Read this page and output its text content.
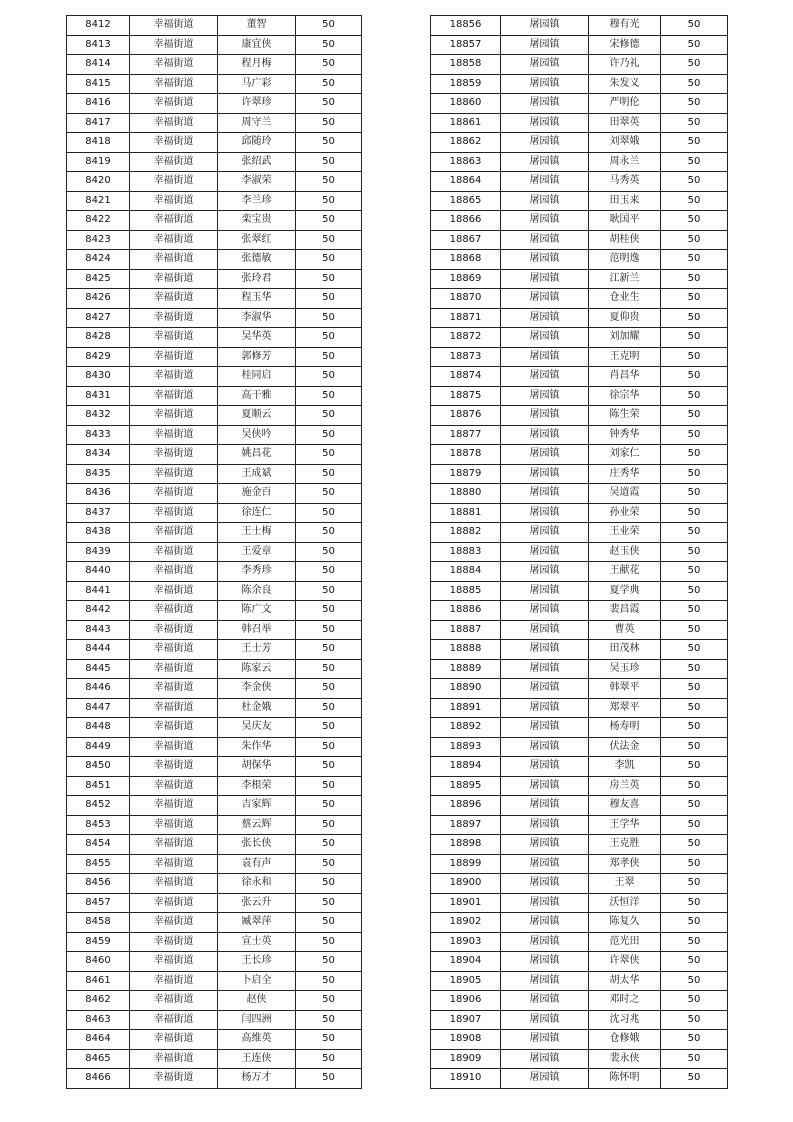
8412	幸福街道	董智	50
8413	幸福街道	康宜侠	50
8414	幸福街道	程月梅	50
8415	幸福街道	马广彩	50
8416	幸福街道	许翠珍	50
8417	幸福街道	周守兰	50
8418	幸福街道	邱随玲	50
8419	幸福街道	张绍武	50
8420	幸福街道	李淑荣	50
8421	幸福街道	李兰珍	50
8422	幸福街道	栾宝贵	50
8423	幸福街道	张翠红	50
8424	幸福街道	张德敏	50
8425	幸福街道	张玲君	50
8426	幸福街道	程玉华	50
8427	幸福街道	李淑华	50
8428	幸福街道	吴华英	50
8429	幸福街道	郭修芳	50
8430	幸福街道	桂同启	50
8431	幸福街道	高干雅	50
8432	幸福街道	夏顺云	50
8433	幸福街道	吴侠吟	50
8434	幸福街道	姚昌花	50
8435	幸福街道	王成斌	50
8436	幸福街道	施金百	50
8437	幸福街道	徐连仁	50
8438	幸福街道	王士梅	50
8439	幸福街道	王爱章	50
8440	幸福街道	李秀珍	50
8441	幸福街道	陈余良	50
8442	幸福街道	陈广文	50
8443	幸福街道	韩召举	50
8444	幸福街道	王士芳	50
8445	幸福街道	陈家云	50
8446	幸福街道	李金侠	50
8447	幸福街道	杜金娥	50
8448	幸福街道	吴庆友	50
8449	幸福街道	朱作华	50
8450	幸福街道	胡保华	50
8451	幸福街道	李根荣	50
8452	幸福街道	吉家辉	50
8453	幸福街道	蔡云辉	50
8454	幸福街道	张长侠	50
8455	幸福街道	袁有声	50
8456	幸福街道	徐永和	50
8457	幸福街道	张云升	50
8458	幸福街道	臧翠萍	50
8459	幸福街道	宣士英	50
8460	幸福街道	王长珍	50
8461	幸福街道	卜启全	50
8462	幸福街道	赵侠	50
8463	幸福街道	闫四洲	50
8464	幸福街道	高维英	50
8465	幸福街道	王连侠	50
8466	幸福街道	杨万才	50
18856	屠园镇	穆有光	50
18857	屠园镇	宋修德	50
18858	屠园镇	许乃礼	50
18859	屠园镇	朱发义	50
18860	屠园镇	严明伦	50
18861	屠园镇	田翠英	50
18862	屠园镇	刘翠娥	50
18863	屠园镇	周永兰	50
18864	屠园镇	马秀英	50
18865	屠园镇	田玉来	50
18866	屠园镇	耿国平	50
18867	屠园镇	胡桂侠	50
18868	屠园镇	范明逸	50
18869	屠园镇	江新兰	50
18870	屠园镇	仓业生	50
18871	屠园镇	夏仰贵	50
18872	屠园镇	刘加耀	50
18873	屠园镇	王克明	50
18874	屠园镇	肖昌华	50
18875	屠园镇	徐宗华	50
18876	屠园镇	陈生荣	50
18877	屠园镇	钟秀华	50
18878	屠园镇	刘家仁	50
18879	屠园镇	庄秀华	50
18880	屠园镇	吴道霞	50
18881	屠园镇	孙业荣	50
18882	屠园镇	王业荣	50
18883	屠园镇	赵玉侠	50
18884	屠园镇	王献花	50
18885	屠园镇	夏学典	50
18886	屠园镇	裴昌霞	50
18887	屠园镇	曹英	50
18888	屠园镇	田茂林	50
18889	屠园镇	吴玉珍	50
18890	屠园镇	韩翠平	50
18891	屠园镇	郑翠平	50
18892	屠园镇	杨寿明	50
18893	屠园镇	伏法金	50
18894	屠园镇	李凯	50
18895	屠园镇	房兰英	50
18896	屠园镇	穆友喜	50
18897	屠园镇	王学华	50
18898	屠园镇	王克胜	50
18899	屠园镇	郑孝侠	50
18900	屠园镇	王翠	50
18901	屠园镇	沃恒洋	50
18902	屠园镇	陈复久	50
18903	屠园镇	范光田	50
18904	屠园镇	许翠侠	50
18905	屠园镇	胡太华	50
18906	屠园镇	邓时之	50
18907	屠园镇	沈习兆	50
18908	屠园镇	仓修娥	50
18909	屠园镇	裴永侠	50
18910	屠园镇	陈怀明	50
